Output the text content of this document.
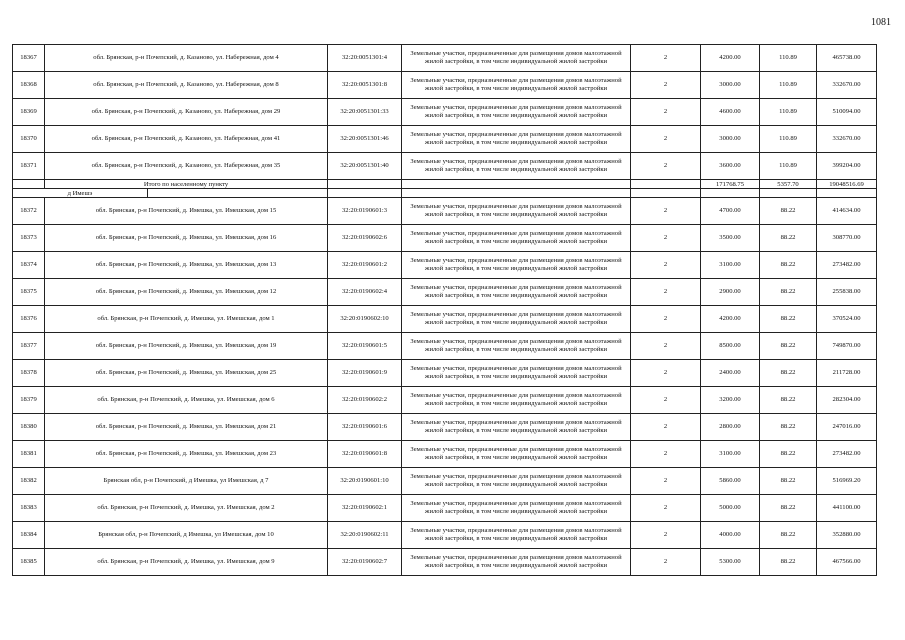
1081
18367	обл. Брянская, р-н Почепский, д. Казаново, ул. Набережная, дом 4		32:20:0051301:4	Земельные участки, предназначенные для размещения домов малоэтажной жилой застройки, в том числе индивидуальной жилой застройки	2	4200.00	110.89	465738.00
18368	обл. Брянская, р-н Почепский, д. Казаново, ул. Набережная, дом 8		32:20:0051301:8	Земельные участки, предназначенные для размещения домов малоэтажной жилой застройки, в том числе индивидуальной жилой застройки	2	3000.00	110.89	332670.00
18369	обл. Брянская, р-н Почепский, д. Казаново, ул. Набережная, дом 29		32:20:0051301:33	Земельные участки, предназначенные для размещения домов малоэтажной жилой застройки, в том числе индивидуальной жилой застройки	2	4600.00	110.89	510094.00
18370	обл. Брянская, р-н Почепский, д. Казаново, ул. Набережная, дом 41		32:20:0051301:46	Земельные участки, предназначенные для размещения домов малоэтажной жилой застройки, в том числе индивидуальной жилой застройки	2	3000.00	110.89	332670.00
18371	обл. Брянская, р-н Почепский, д. Казаново, ул. Набережная, дом 35		32:20:0051301:40	Земельные участки, предназначенные для размещения домов малоэтажной жилой застройки, в том числе индивидуальной жилой застройки	2	3600.00	110.89	399204.00
	Итого по населенному пункту					171768.75	5357.70	19048516.69
д Имешэ								
18372	обл. Брянская, р-н Почепский, д. Имешка, ул. Имешская, дом 15		32:20:0190601:3	Земельные участки, предназначенные для размещения домов малоэтажной жилой застройки, в том числе индивидуальной жилой застройки	2	4700.00	88.22	414634.00
18373	обл. Брянская, р-н Почепский, д. Имешка, ул. Имешская, дом 16		32:20:0190602:6	Земельные участки, предназначенные для размещения домов малоэтажной жилой застройки, в том числе индивидуальной жилой застройки	2	3500.00	88.22	308770.00
18374	обл. Брянская, р-н Почепский, д. Имешка, ул. Имешская, дом 13		32:20:0190601:2	Земельные участки, предназначенные для размещения домов малоэтажной жилой застройки, в том числе индивидуальной жилой застройки	2	3100.00	88.22	273482.00
18375	обл. Брянская, р-н Почепский, д. Имешка, ул. Имешская, дом 12		32:20:0190602:4	Земельные участки, предназначенные для размещения домов малоэтажной жилой застройки, в том числе индивидуальной жилой застройки	2	2900.00	88.22	255838.00
18376	обл. Брянская, р-н Почепский, д. Имешка, ул. Имешская, дом 1		32:20:0190602:10	Земельные участки, предназначенные для размещения домов малоэтажной жилой застройки, в том числе индивидуальной жилой застройки	2	4200.00	88.22	370524.00
18377	обл. Брянская, р-н Почепский, д. Имешка, ул. Имешская, дом 19		32:20:0190601:5	Земельные участки, предназначенные для размещения домов малоэтажной жилой застройки, в том числе индивидуальной жилой застройки	2	8500.00	88.22	749870.00
18378	обл. Брянская, р-н Почепский, д. Имешка, ул. Имешская, дом 25		32:20:0190601:9	Земельные участки, предназначенные для размещения домов малоэтажной жилой застройки, в том числе индивидуальной жилой застройки	2	2400.00	88.22	211728.00
18379	обл. Брянская, р-н Почепский, д. Имешка, ул. Имешская, дом 6		32:20:0190602:2	Земельные участки, предназначенные для размещения домов малоэтажной жилой застройки, в том числе индивидуальной жилой застройки	2	3200.00	88.22	282304.00
18380	обл. Брянская, р-н Почепский, д. Имешка, ул. Имешская, дом 21		32:20:0190601:6	Земельные участки, предназначенные для размещения домов малоэтажной жилой застройки, в том числе индивидуальной жилой застройки	2	2800.00	88.22	247016.00
18381	обл. Брянская, р-н Почепский, д. Имешка, ул. Имешская, дом 23		32:20:0190601:8	Земельные участки, предназначенные для размещения домов малоэтажной жилой застройки, в том числе индивидуальной жилой застройки	2	3100.00	88.22	273482.00
18382	Брянская обл, р-н Почепский, д Имешка, ул Имешская, д 7		32:20:0190601:10	Земельные участки, предназначенные для размещения домов малоэтажной жилой застройки, в том числе индивидуальной жилой застройки	2	5860.00	88.22	516969.20
18383	обл. Брянская, р-н Почепский, д. Имешка, ул. Имешская, дом 2		32:20:0190602:1	Земельные участки, предназначенные для размещения домов малоэтажной жилой застройки, в том числе индивидуальной жилой застройки	2	5000.00	88.22	441100.00
18384	Брянская обл, р-н Почепский, д Имешка, ул Имешская, дом 10		32:20:0190602:11	Земельные участки, предназначенные для размещения домов малоэтажной жилой застройки, в том числе индивидуальной жилой застройки	2	4000.00	88.22	352880.00
18385	обл. Брянская, р-н Почепский, д. Имешка, ул. Имешская, дом 9		32:20:0190602:7	Земельные участки, предназначенные для размещения домов малоэтажной жилой застройки, в том числе индивидуальной жилой застройки	2	5300.00	88.22	467566.00
